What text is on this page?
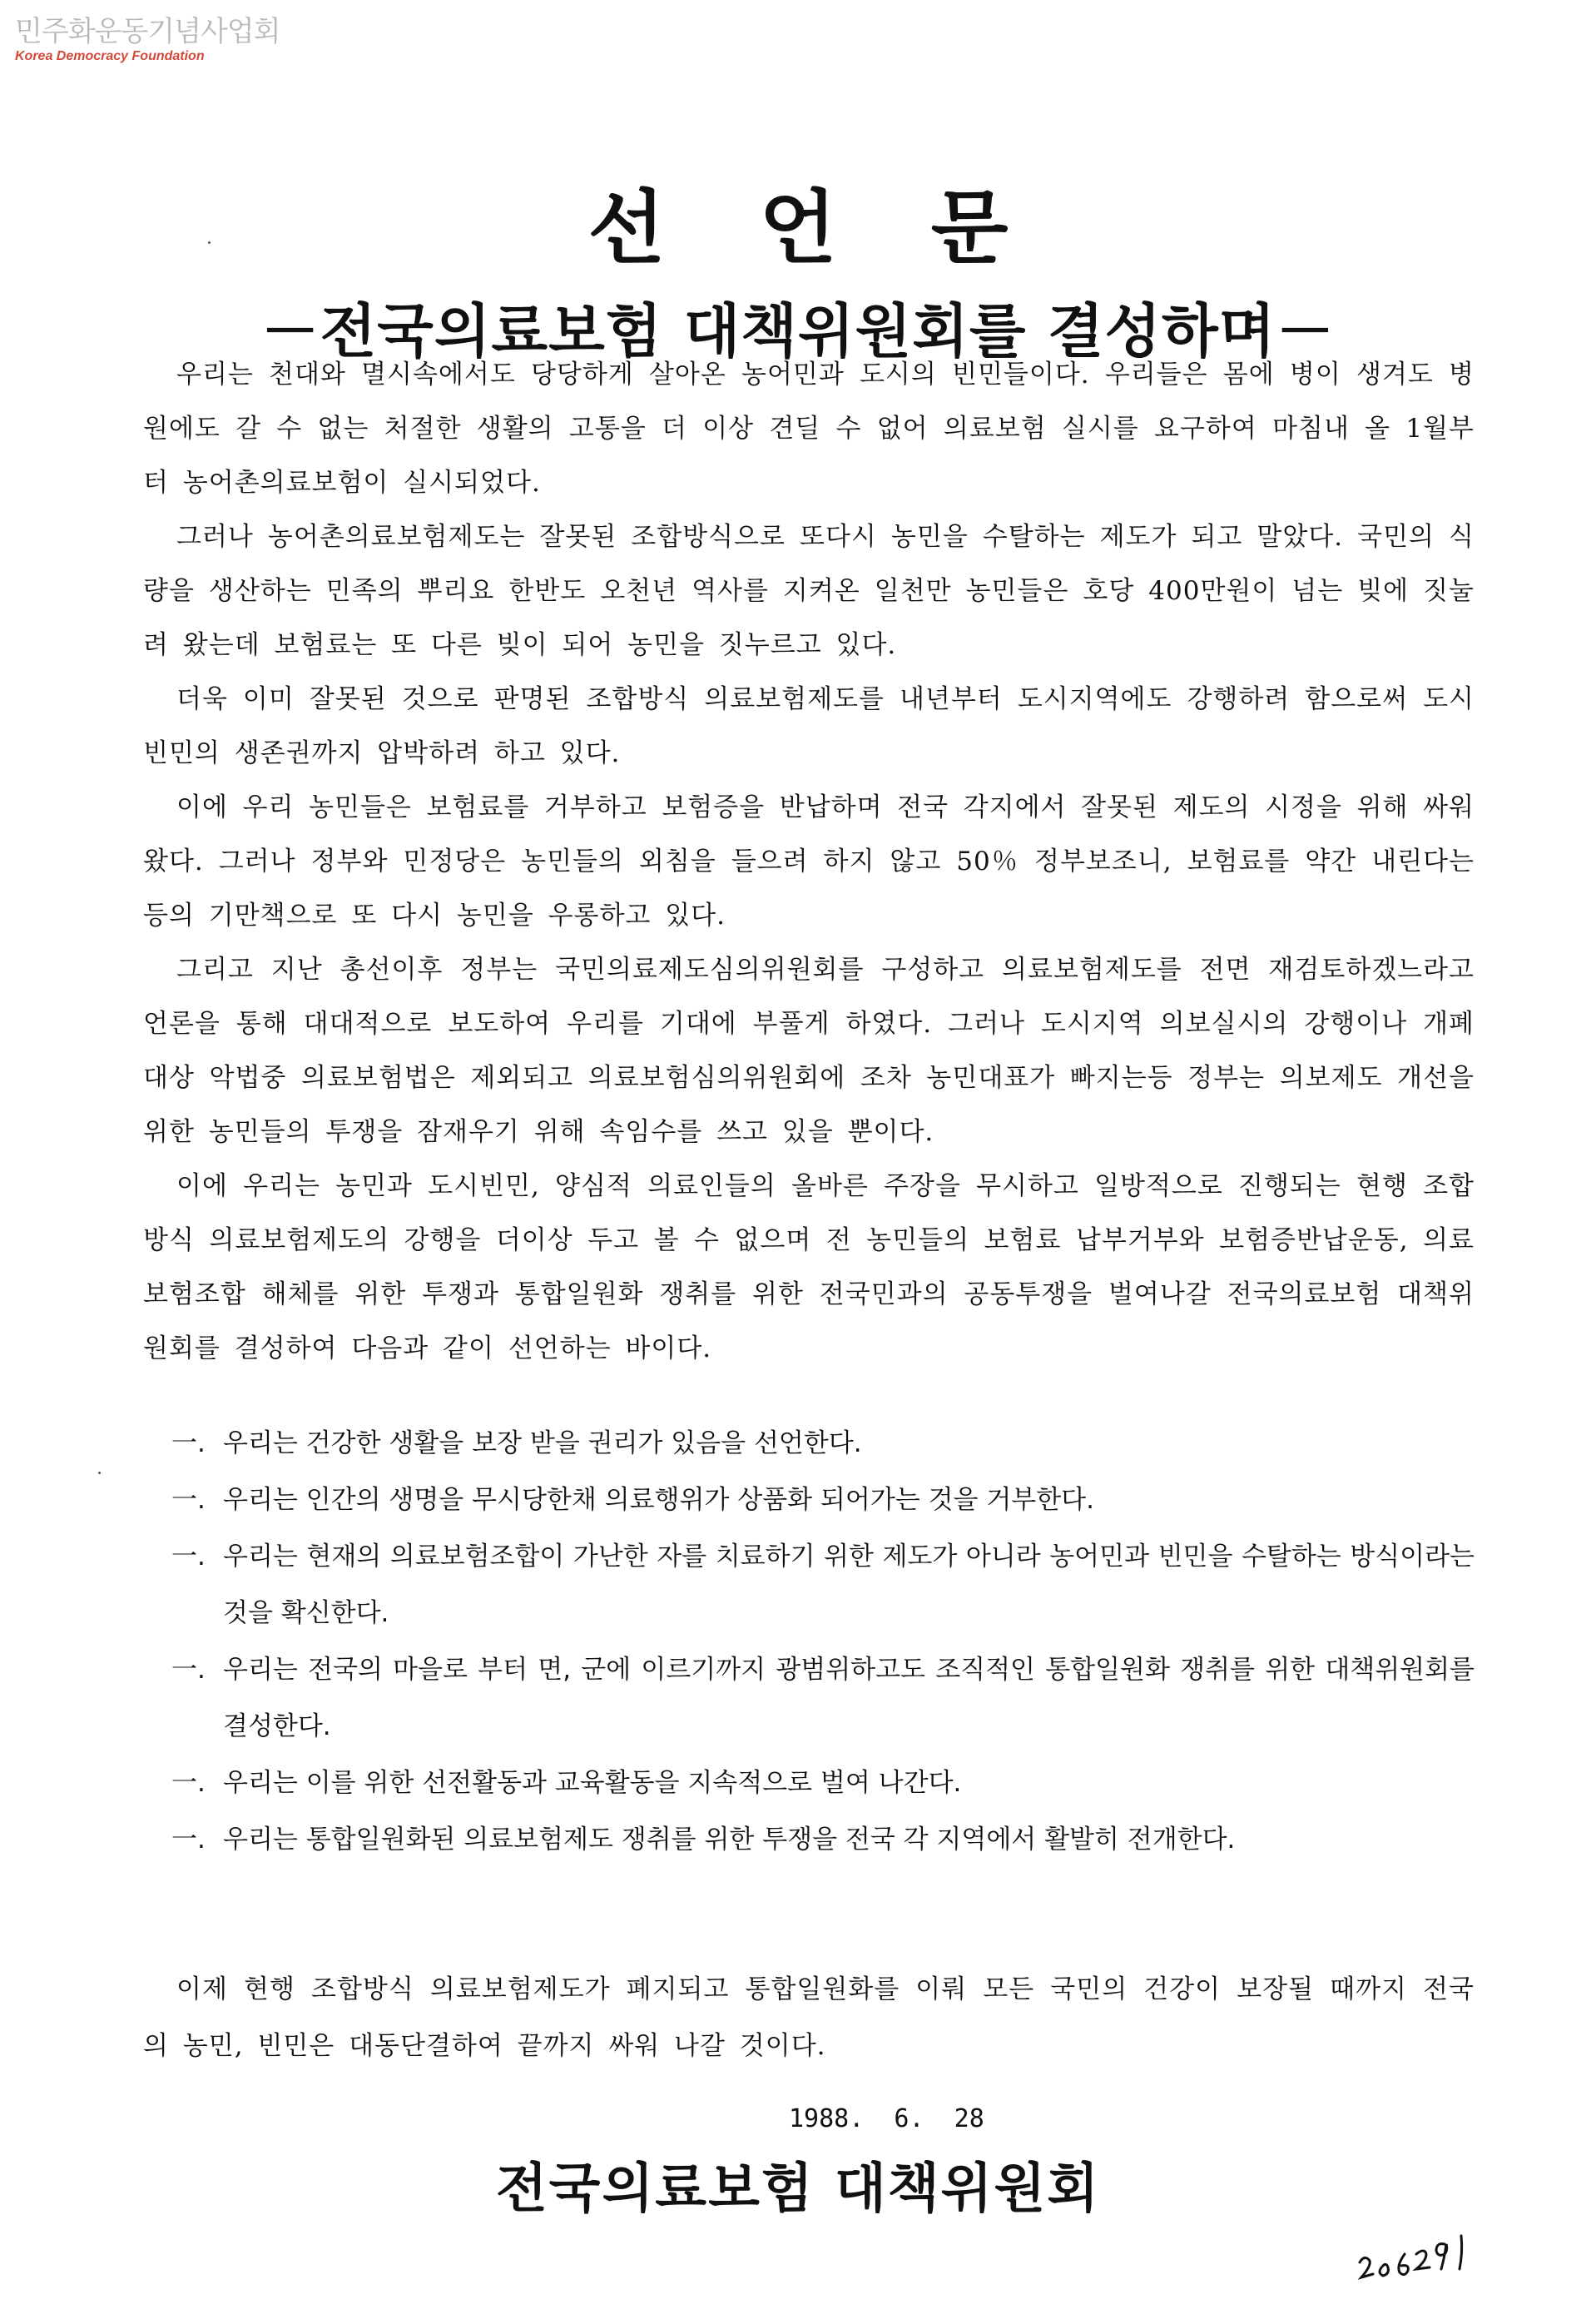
민주화운동기념사업회
Korea Democracy Foundation
선 언 문
－전국의료보험 대책위원회를 결성하며－

우리는 천대와 멸시속에서도 당당하게 살아온 농어민과 도시의 빈민들이다. 우리들은 몸에 병이 생겨도 병원에도 갈 수 없는 처절한 생활의 고통을 더 이상 견딜 수 없어 의료보험 실시를 요구하여 마침내 올 1월부터 농어촌의료보험이 실시되었다.

그러나 농어촌의료보험제도는 잘못된 조합방식으로 또다시 농민을 수탈하는 제도가 되고 말았다. 국민의 식량을 생산하는 민족의 뿌리요 한반도 오천년 역사를 지켜온 일천만 농민들은 호당 400만원이 넘는 빚에 짓눌려 왔는데 보험료는 또 다른 빚이 되어 농민을 짓누르고 있다.

더욱 이미 잘못된 것으로 판명된 조합방식 의료보험제도를 내년부터 도시지역에도 강행하려 함으로써 도시빈민의 생존권까지 압박하려 하고 있다.

이에 우리 농민들은 보험료를 거부하고 보험증을 반납하며 전국 각지에서 잘못된 제도의 시정을 위해 싸워왔다. 그러나 정부와 민정당은 농민들의 외침을 들으려 하지 않고 50％ 정부보조니, 보험료를 약간 내린다는 등의 기만책으로 또 다시 농민을 우롱하고 있다.

그리고 지난 총선이후 정부는 국민의료제도심의위원회를 구성하고 의료보험제도를 전면 재검토하겠느라고 언론을 통해 대대적으로 보도하여 우리를 기대에 부풀게 하였다. 그러나 도시지역 의보실시의 강행이나 개폐대상 악법중 의료보험법은 제외되고 의료보험심의위원회에 조차 농민대표가 빠지는등 정부는 의보제도 개선을 위한 농민들의 투쟁을 잠재우기 위해 속임수를 쓰고 있을 뿐이다.

이에 우리는 농민과 도시빈민, 양심적 의료인들의 올바른 주장을 무시하고 일방적으로 진행되는 현행 조합방식 의료보험제도의 강행을 더이상 두고 볼 수 없으며 전 농민들의 보험료 납부거부와 보험증반납운동, 의료보험조합 해체를 위한 투쟁과 통합일원화 쟁취를 위한 전국민과의 공동투쟁을 벌여나갈 전국의료보험 대책위원회를 결성하여 다음과 같이 선언하는 바이다.

一. 우리는 건강한 생활을 보장 받을 권리가 있음을 선언한다.
一. 우리는 인간의 생명을 무시당한채 의료행위가 상품화 되어가는 것을 거부한다.
一. 우리는 현재의 의료보험조합이 가난한 자를 치료하기 위한 제도가 아니라 농어민과 빈민을 수탈하는 방식이라는 것을 확신한다.
一. 우리는 전국의 마을로 부터 면, 군에 이르기까지 광범위하고도 조직적인 통합일원화 쟁취를 위한 대책위원회를 결성한다.
一. 우리는 이를 위한 선전활동과 교육활동을 지속적으로 벌여 나간다.
一. 우리는 통합일원화된 의료보험제도 쟁취를 위한 투쟁을 전국 각 지역에서 활발히 전개한다.

이제 현행 조합방식 의료보험제도가 폐지되고 통합일원화를 이뤄 모든 국민의 건강이 보장될 때까지 전국의 농민, 빈민은 대동단결하여 끝까지 싸워 나갈 것이다.

1988.  6.  28
전국의료보험 대책위원회
